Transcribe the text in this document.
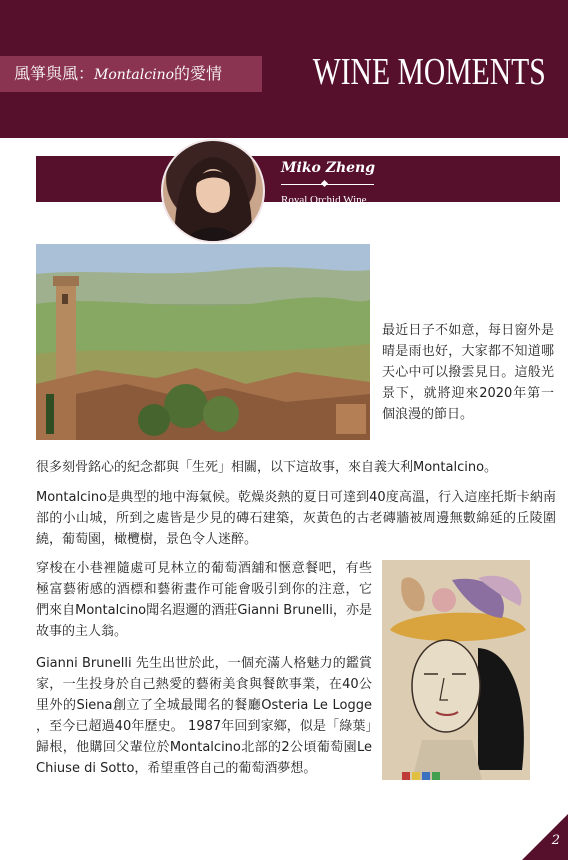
風箏與風：Montalcino的愛情	WINE MOMENTS
Miko Zheng
Royal Orchid Wine
Sales and Marketing Manager

最近日子不如意，每日窗外是晴是雨也好，大家都不知道哪天心中可以撥雲見日。這般光景下，就將迎來2020年第一個浪漫的節日。

很多刻骨銘心的紀念都與「生死」相關，以下這故事，來自義大利Montalcino。

Montalcino是典型的地中海氣候。乾燥炎熱的夏日可達到40度高溫，行入這座托斯卡納南部的小山城，所到之處皆是少見的磚石建築，灰黃色的古老磚牆被周邊無數綿延的丘陵圍繞，葡萄園，橄欖樹，景色令人迷醉。

穿梭在小巷裡隨處可見林立的葡萄酒舖和愜意餐吧，有些極富藝術感的酒標和藝術畫作可能會吸引到你的注意，它們來自Montalcino聞名遐邇的酒莊Gianni Brunelli，亦是故事的主人翁。

Gianni Brunelli 先生出世於此，一個充滿人格魅力的鑑賞家，一生投身於自己熱愛的藝術美食與餐飲事業，在40公里外的Siena創立了全城最聞名的餐廳Osteria Le Logge ，至今已超過40年歷史。 1987年回到家鄉，似是「綠葉」歸根，他購回父輩位於Montalcino北部的2公頃葡萄園Le Chiuse di Sotto，希望重啓自己的葡萄酒夢想。

2
